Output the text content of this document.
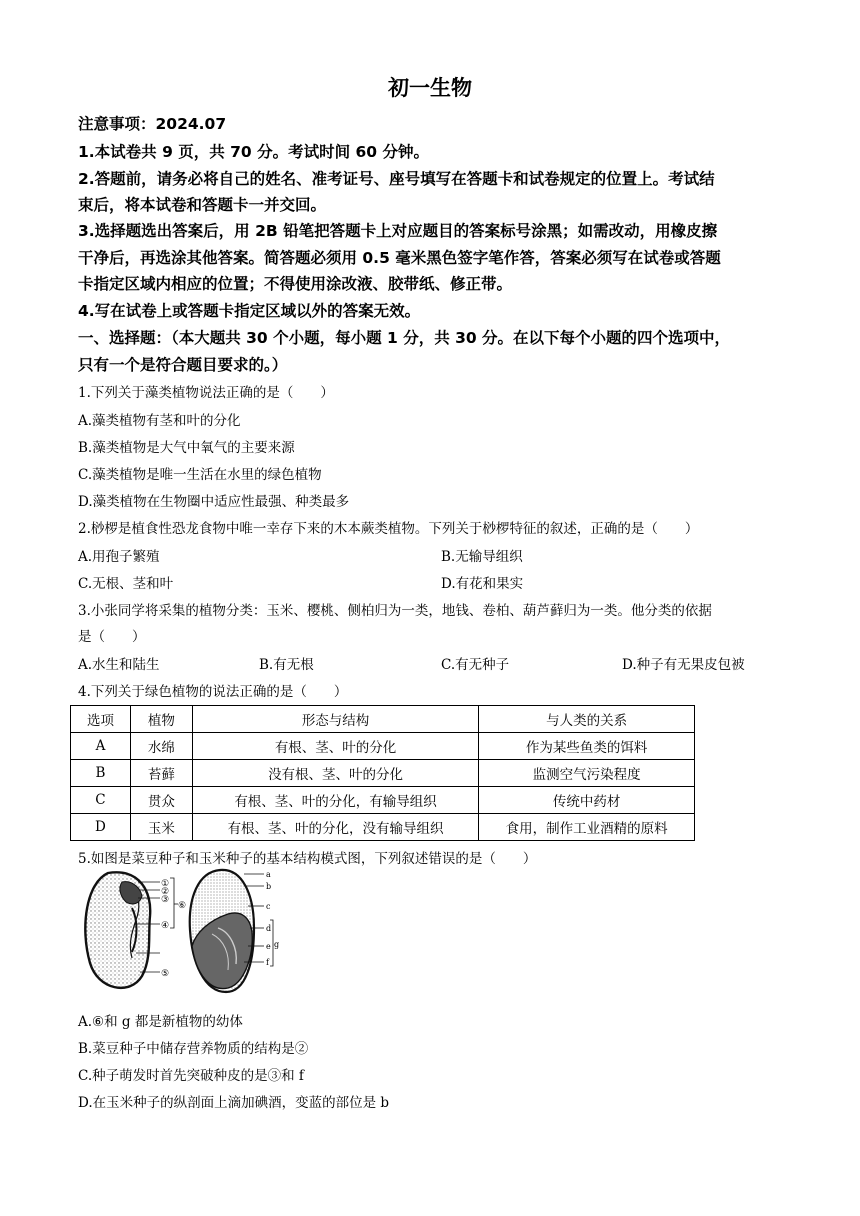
初一生物
注意事项：2024.07
1.本试卷共 9 页，共 70 分。考试时间 60 分钟。
2.答题前，请务必将自己的姓名、准考证号、座号填写在答题卡和试卷规定的位置上。考试结
束后，将本试卷和答题卡一并交回。
3.选择题选出答案后，用 2B 铅笔把答题卡上对应题目的答案标号涂黑；如需改动，用橡皮擦
干净后，再选涂其他答案。简答题必须用 0.5 毫米黑色签字笔作答，答案必须写在试卷或答题
卡指定区域内相应的位置；不得使用涂改液、胶带纸、修正带。
4.写在试卷上或答题卡指定区域以外的答案无效。
一、选择题：（本大题共 30 个小题，每小题 1 分，共 30 分。在以下每个小题的四个选项中，
只有一个是符合题目要求的。）
1.下列关于藻类植物说法正确的是（　　）
A.藻类植物有茎和叶的分化
B.藻类植物是大气中氧气的主要来源
C.藻类植物是唯一生活在水里的绿色植物
D.藻类植物在生物圈中适应性最强、种类最多
2.桫椤是植食性恐龙食物中唯一幸存下来的木本蕨类植物。下列关于桫椤特征的叙述，正确的是（　　）
A.用孢子繁殖	B.无输导组织
C.无根、茎和叶	D.有花和果实
3.小张同学将采集的植物分类：玉米、樱桃、侧柏归为一类，地钱、卷柏、葫芦藓归为一类。他分类的依据
是（　　）
A.水生和陆生	B.有无根	C.有无种子	D.种子有无果皮包被
4.下列关于绿色植物的说法正确的是（　　）
选项	植物	形态与结构	与人类的关系
A	水绵	有根、茎、叶的分化	作为某些鱼类的饵料
B	苔藓	没有根、茎、叶的分化	监测空气污染程度
C	贯众	有根、茎、叶的分化，有输导组织	传统中药材
D	玉米	有根、茎、叶的分化，没有输导组织	食用，制作工业酒精的原料
5.如图是菜豆种子和玉米种子的基本结构模式图，下列叙述错误的是（　　）
①
②
③
④
⑤
⑥
a
b
c
d
e
f
g
A.⑥和 g 都是新植物的幼体
B.菜豆种子中储存营养物质的结构是②
C.种子萌发时首先突破种皮的是③和 f
D.在玉米种子的纵剖面上滴加碘酒，变蓝的部位是 b
